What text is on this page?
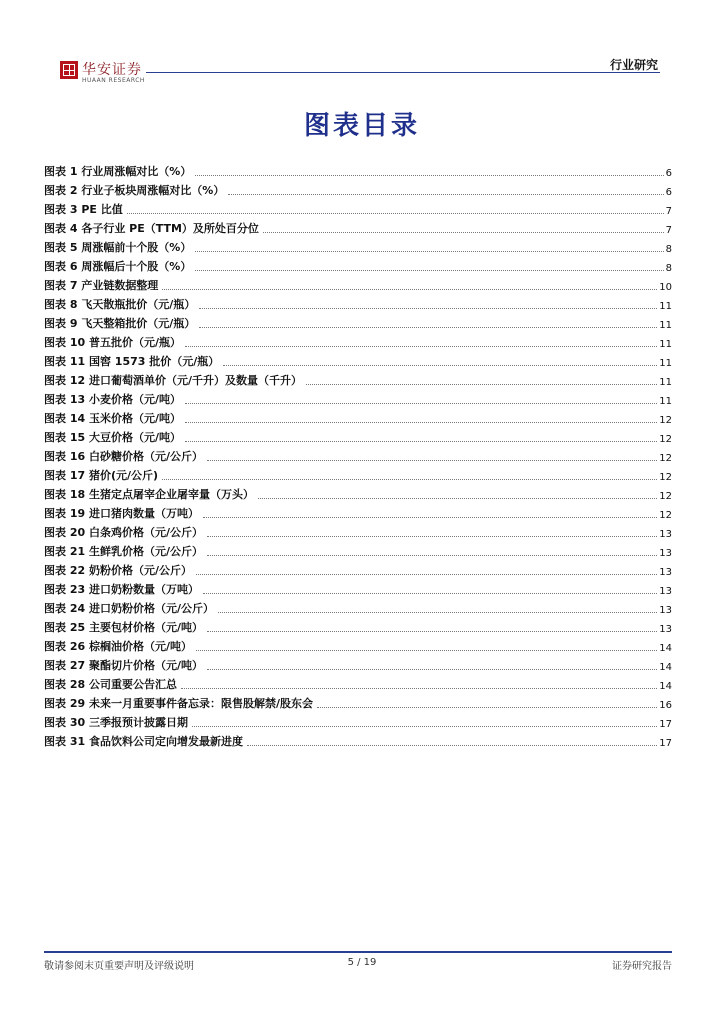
华安证券
HUAAN RESEARCH
行业研究
图表目录
图表 1 行业周涨幅对比（%）	6
图表 2 行业子板块周涨幅对比（%）	6
图表 3 PE 比值	7
图表 4 各子行业 PE（TTM）及所处百分位	7
图表 5 周涨幅前十个股（%）	8
图表 6 周涨幅后十个股（%）	8
图表 7 产业链数据整理	10
图表 8 飞天散瓶批价（元/瓶）	11
图表 9 飞天整箱批价（元/瓶）	11
图表 10 普五批价（元/瓶）	11
图表 11 国窖 1573 批价（元/瓶）	11
图表 12 进口葡萄酒单价（元/千升）及数量（千升）	11
图表 13 小麦价格（元/吨）	11
图表 14 玉米价格（元/吨）	12
图表 15 大豆价格（元/吨）	12
图表 16 白砂糖价格（元/公斤）	12
图表 17 猪价(元/公斤)	12
图表 18 生猪定点屠宰企业屠宰量（万头）	12
图表 19 进口猪肉数量（万吨）	12
图表 20 白条鸡价格（元/公斤）	13
图表 21 生鲜乳价格（元/公斤）	13
图表 22 奶粉价格（元/公斤）	13
图表 23 进口奶粉数量（万吨）	13
图表 24 进口奶粉价格（元/公斤）	13
图表 25 主要包材价格（元/吨）	13
图表 26 棕榈油价格（元/吨）	14
图表 27 聚酯切片价格（元/吨）	14
图表 28 公司重要公告汇总	14
图表 29 未来一月重要事件备忘录：限售股解禁/股东会	16
图表 30 三季报预计披露日期	17
图表 31 食品饮料公司定向增发最新进度	17
敬请参阅末页重要声明及评级说明	5 / 19	证券研究报告
